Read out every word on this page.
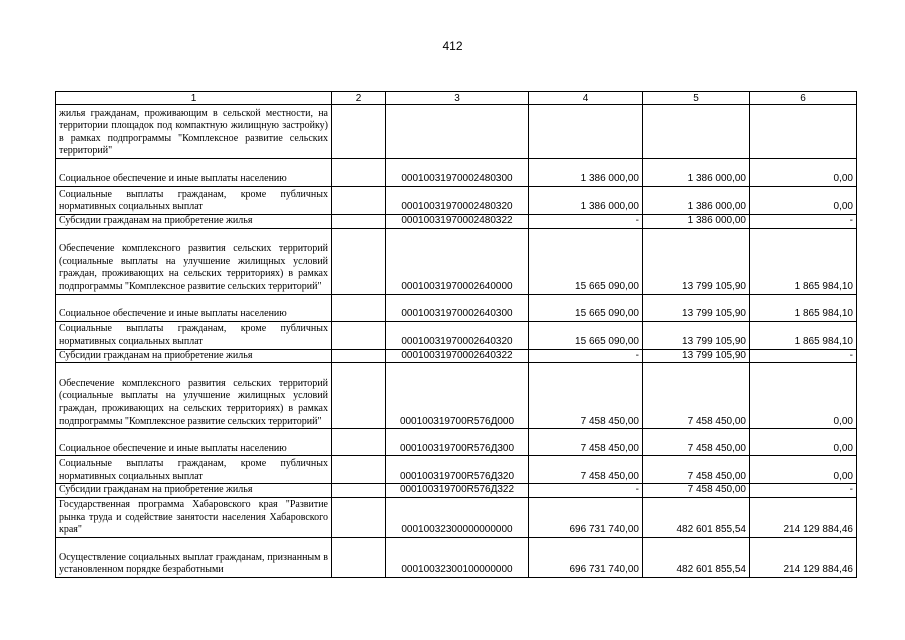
412
1	2	3	4	5	6
жилья гражданам, проживающим в сельской местности, на территории площадок под компактную жилищную застройку) в рамках подпрограммы "Комплексное развитие сельских территорий"					
Социальное обеспечение и иные выплаты населению		00010031970002480300	1 386 000,00	1 386 000,00	0,00
Социальные выплаты гражданам, кроме публичных нормативных социальных выплат		00010031970002480320	1 386 000,00	1 386 000,00	0,00
Субсидии гражданам на приобретение жилья		00010031970002480322	-	1 386 000,00	-
Обеспечение комплексного развития сельских территорий (социальные выплаты на улучшение жилищных условий граждан, проживающих на сельских территориях) в рамках подпрограммы "Комплексное развитие сельских территорий"		00010031970002640000	15 665 090,00	13 799 105,90	1 865 984,10
Социальное обеспечение и иные выплаты населению		00010031970002640300	15 665 090,00	13 799 105,90	1 865 984,10
Социальные выплаты гражданам, кроме публичных нормативных социальных выплат		00010031970002640320	15 665 090,00	13 799 105,90	1 865 984,10
Субсидии гражданам на приобретение жилья		00010031970002640322	-	13 799 105,90	-
Обеспечение комплексного развития сельских территорий (социальные выплаты на улучшение жилищных условий граждан, проживающих на сельских территориях) в рамках подпрограммы "Комплексное развитие сельских территорий"		000100319700R576Д000	7 458 450,00	7 458 450,00	0,00
Социальное обеспечение и иные выплаты населению		000100319700R576Д300	7 458 450,00	7 458 450,00	0,00
Социальные выплаты гражданам, кроме публичных нормативных социальных выплат		000100319700R576Д320	7 458 450,00	7 458 450,00	0,00
Субсидии гражданам на приобретение жилья		000100319700R576Д322	-	7 458 450,00	-
Государственная программа Хабаровского края "Развитие рынка труда и содействие занятости населения Хабаровского края"		00010032300000000000	696 731 740,00	482 601 855,54	214 129 884,46
Осуществление социальных выплат гражданам, признанным в установленном порядке безработными		00010032300100000000	696 731 740,00	482 601 855,54	214 129 884,46
